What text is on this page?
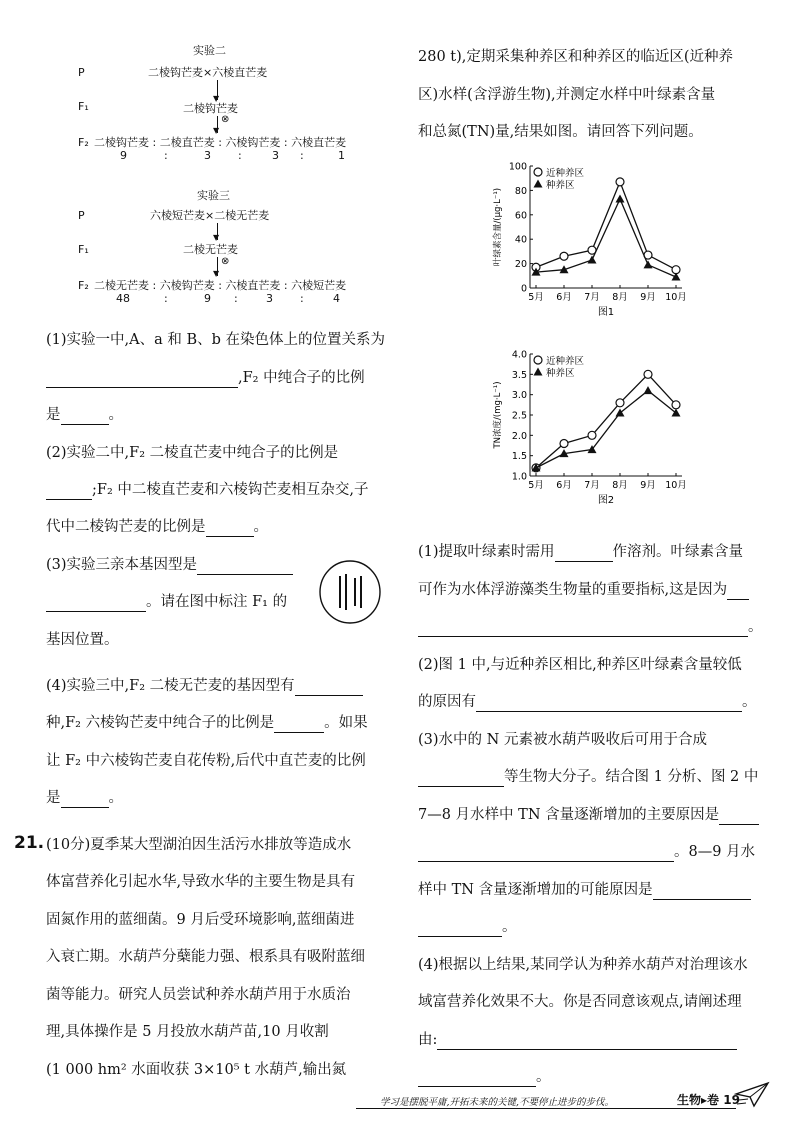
实验二
P	二棱钩芒麦×六棱直芒麦
▼
F₁	二棱钩芒麦
⊗
▼
F₂ 二棱钩芒麦 : 二棱直芒麦 : 六棱钩芒麦 : 六棱直芒麦
9	:	3 :	3 :	1
实验三
P	六棱短芒麦×二棱无芒麦
▼
F₁	二棱无芒麦
⊗
▼
F₂ 二棱无芒麦 : 六棱钩芒麦 : 六棱直芒麦 : 六棱短芒麦
48	:	9 :	3 :	4
(1)实验一中,A、a 和 B、b 在染色体上的位置关系为
,F₂ 中纯合子的比例
是	。
(2)实验二中,F₂ 二棱直芒麦中纯合子的比例是
;F₂ 中二棱直芒麦和六棱钩芒麦相互杂交,子
代中二棱钩芒麦的比例是	。
(3)实验三亲本基因型是
。请在图中标注 F₁ 的
基因位置。
(4)实验三中,F₂ 二棱无芒麦的基因型有
种,F₂ 六棱钩芒麦中纯合子的比例是	。如果
让 F₂ 中六棱钩芒麦自花传粉,后代中直芒麦的比例
是	。
21. (10分)夏季某大型湖泊因生活污水排放等造成水
体富营养化引起水华,导致水华的主要生物是具有
固氮作用的蓝细菌。9 月后受环境影响,蓝细菌进
入衰亡期。水葫芦分蘖能力强、根系具有吸附蓝细
菌等能力。研究人员尝试种养水葫芦用于水质治
理,具体操作是 5 月投放水葫芦苗,10 月收割
(1 000 hm² 水面收获 3×10⁵ t 水葫芦,输出氮
280 t),定期采集种养区和种养区的临近区(近种养
区)水样(含浮游生物),并测定水样中叶绿素含量
和总氮(TN)量,结果如图。请回答下列问题。
0
20
40
60
80
100
5月 6月 7月 8月 9月 10月
叶绿素含量/(μg·L⁻¹)
图1
近种养区
种养区
1.0
1.5
2.0
2.5
3.0
3.5
4.0
5月 6月 7月 8月 9月 10月
TN浓度/(mg·L⁻¹)
图2
近种养区
种养区
(1)提取叶绿素时需用	作溶剂。叶绿素含量
可作为水体浮游藻类生物量的重要指标,这是因为
。
(2)图 1 中,与近种养区相比,种养区叶绿素含量较低
的原因有	。
(3)水中的 N 元素被水葫芦吸收后可用于合成
等生物大分子。结合图 1 分析、图 2 中
7—8 月水样中 TN 含量逐渐增加的主要原因是
。8—9 月水
样中 TN 含量逐渐增加的可能原因是
。
(4)根据以上结果,某同学认为种养水葫芦对治理该水
域富营养化效果不大。你是否同意该观点,请阐述理
由:
。
学习是摆脱平庸,开拓未来的关键,不要停止进步的步伐。	生物▸卷 19
